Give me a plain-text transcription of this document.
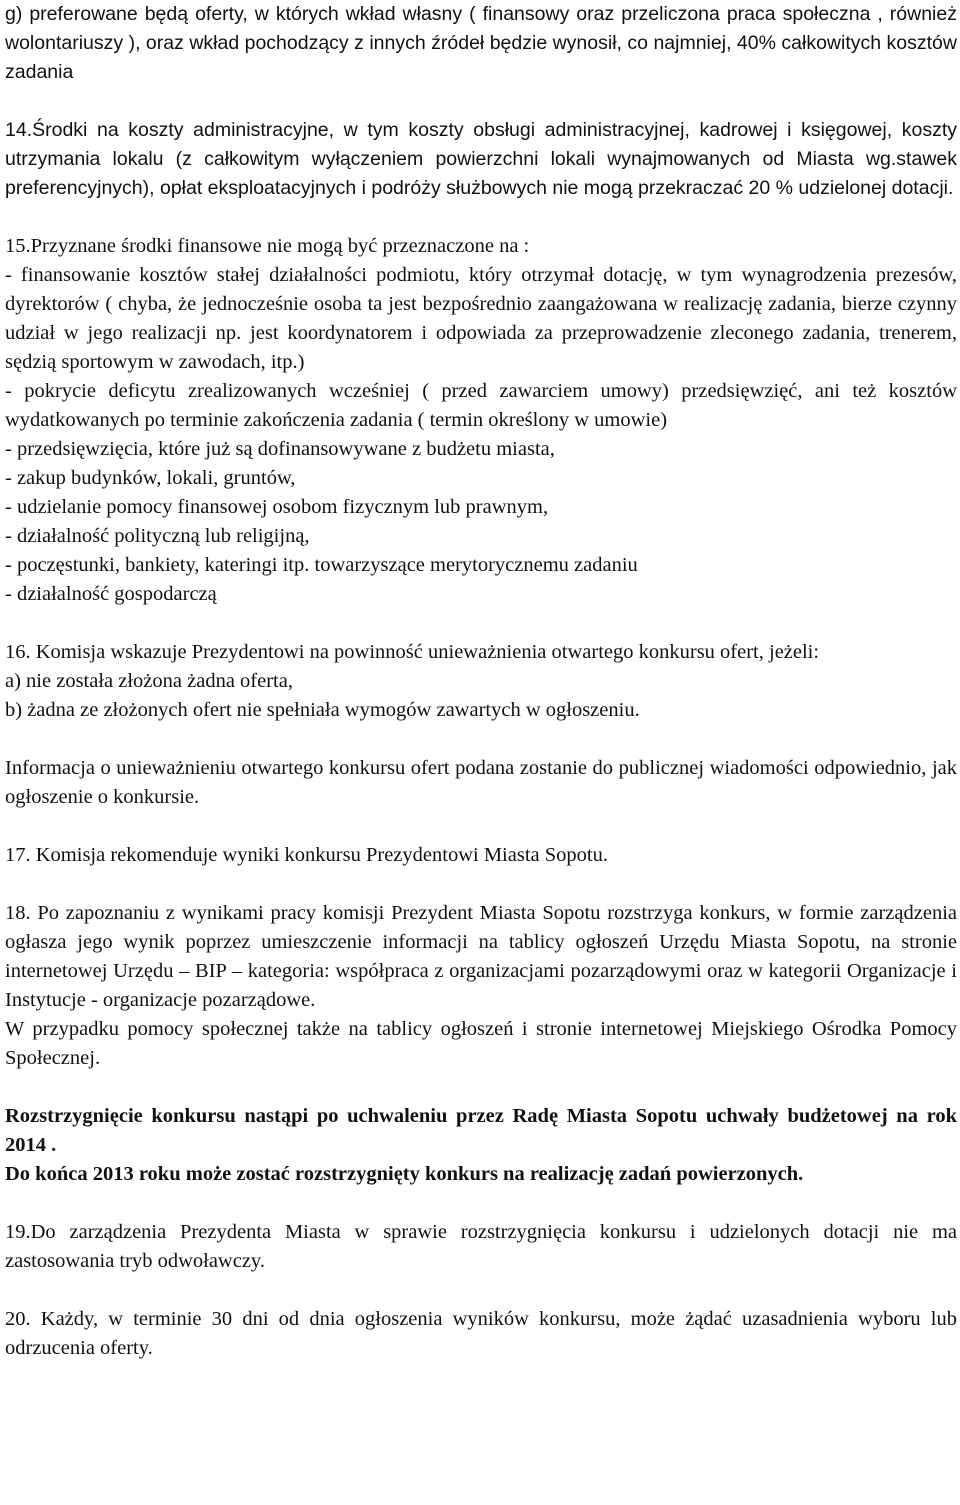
g) preferowane będą oferty, w których wkład własny ( finansowy oraz przeliczona praca społeczna , również wolontariuszy ), oraz wkład pochodzący z innych źródeł będzie wynosił, co najmniej, 40% całkowitych kosztów zadania

14.Środki na koszty administracyjne, w tym koszty obsługi administracyjnej, kadrowej i księgowej, koszty utrzymania lokalu (z całkowitym wyłączeniem powierzchni lokali wynajmowanych od Miasta wg.stawek preferencyjnych), opłat eksploatacyjnych i podróży służbowych nie mogą przekraczać 20 % udzielonej dotacji.

15.Przyznane środki finansowe nie mogą być przeznaczone na :

- finansowanie kosztów stałej działalności podmiotu, który otrzymał dotację, w tym wynagrodzenia prezesów, dyrektorów ( chyba, że jednocześnie osoba ta jest bezpośrednio zaangażowana w realizację zadania, bierze czynny udział w jego realizacji np. jest koordynatorem i odpowiada za przeprowadzenie zleconego zadania, trenerem, sędzią sportowym w zawodach, itp.)

- pokrycie deficytu zrealizowanych wcześniej ( przed zawarciem umowy) przedsięwzięć, ani też kosztów wydatkowanych po terminie zakończenia zadania ( termin określony w umowie)

- przedsięwzięcia, które już są dofinansowywane z budżetu miasta,

- zakup budynków, lokali, gruntów,

- udzielanie pomocy finansowej osobom fizycznym lub prawnym,

- działalność polityczną lub religijną,

- poczęstunki, bankiety, kateringi itp. towarzyszące merytorycznemu zadaniu

- działalność gospodarczą

16. Komisja wskazuje Prezydentowi na powinność unieważnienia otwartego konkursu ofert, jeżeli:

a) nie została złożona żadna oferta,

b) żadna ze złożonych ofert nie spełniała wymogów zawartych w ogłoszeniu.

Informacja o unieważnieniu otwartego konkursu ofert podana zostanie do publicznej wiadomości odpowiednio, jak ogłoszenie o konkursie.

17. Komisja rekomenduje wyniki konkursu Prezydentowi Miasta Sopotu.

18. Po zapoznaniu z wynikami pracy komisji Prezydent Miasta Sopotu rozstrzyga konkurs, w formie zarządzenia ogłasza jego wynik poprzez umieszczenie informacji na tablicy ogłoszeń Urzędu Miasta Sopotu, na stronie internetowej Urzędu – BIP – kategoria: współpraca z organizacjami pozarządowymi oraz w kategorii Organizacje i Instytucje - organizacje pozarządowe.

W przypadku pomocy społecznej także na tablicy ogłoszeń i stronie internetowej Miejskiego Ośrodka Pomocy Społecznej.

Rozstrzygnięcie konkursu nastąpi po uchwaleniu przez Radę Miasta Sopotu uchwały budżetowej na rok 2014 .

Do końca 2013 roku może zostać rozstrzygnięty konkurs na realizację zadań powierzonych.

19.Do zarządzenia Prezydenta Miasta w sprawie rozstrzygnięcia konkursu i udzielonych dotacji nie ma zastosowania tryb odwoławczy.

20. Każdy, w terminie 30 dni od dnia ogłoszenia wyników konkursu, może żądać uzasadnienia wyboru lub odrzucenia oferty.
